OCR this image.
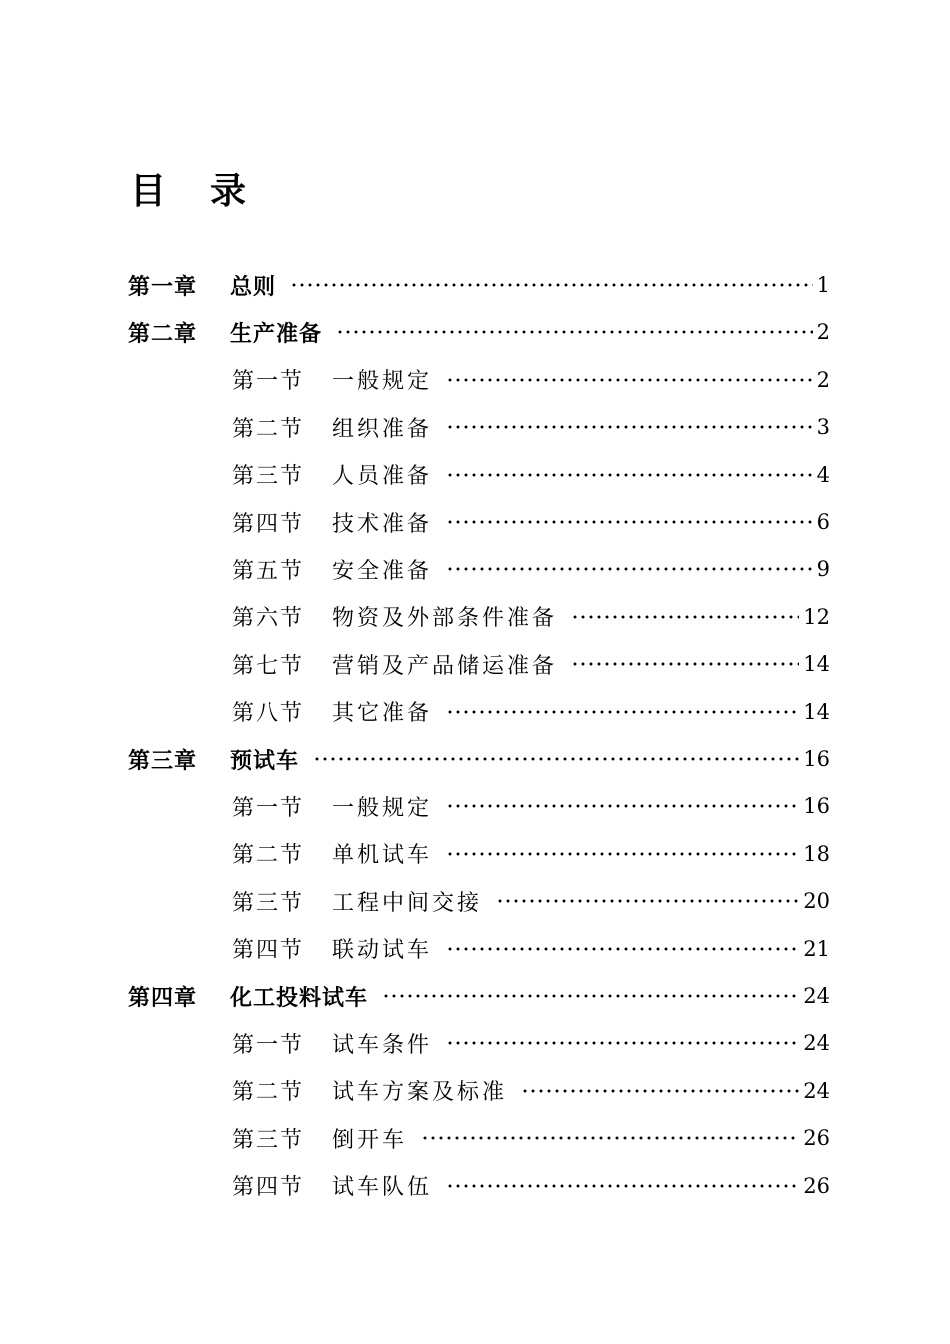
目 录
第一章	总则	1
第二章	生产准备	2
第一节	一般规定	2
第二节	组织准备	3
第三节	人员准备	4
第四节	技术准备	6
第五节	安全准备	9
第六节	物资及外部条件准备	12
第七节	营销及产品储运准备	14
第八节	其它准备	14
第三章	预试车	16
第一节	一般规定	16
第二节	单机试车	18
第三节	工程中间交接	20
第四节	联动试车	21
第四章	化工投料试车	24
第一节	试车条件	24
第二节	试车方案及标准	24
第三节	倒开车	26
第四节	试车队伍	26
